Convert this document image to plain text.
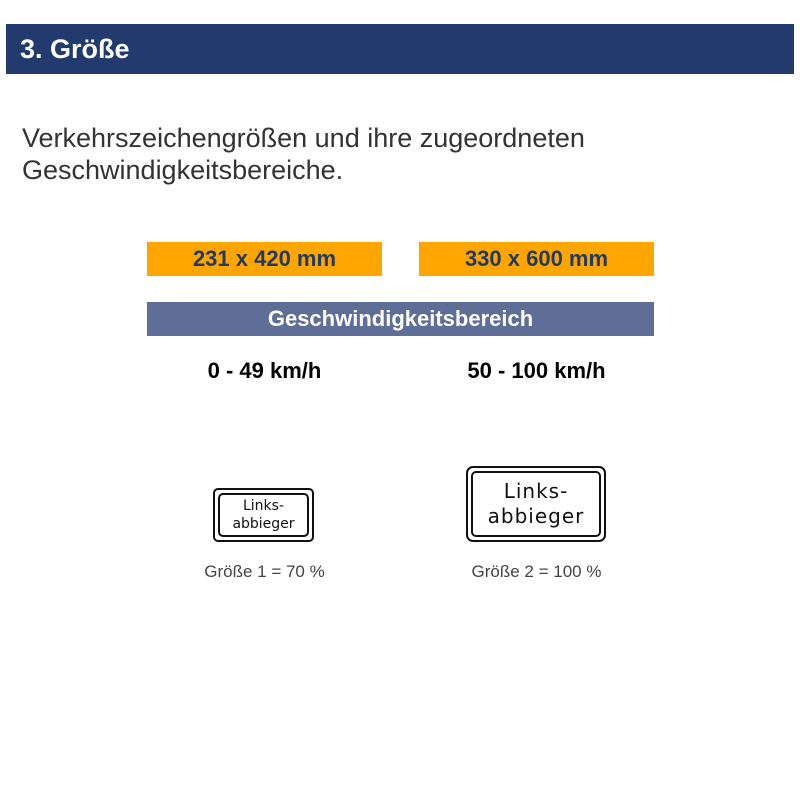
3. Größe
Verkehrszeichengrößen und ihre zugeordneten
Geschwindigkeitsbereiche.
231 x 420 mm	330 x 600 mm
Geschwindigkeitsbereich
0 - 49 km/h	50 - 100 km/h
Links-
abbieger
Links-
abbieger
Größe 1 = 70 %	Größe 2 = 100 %
